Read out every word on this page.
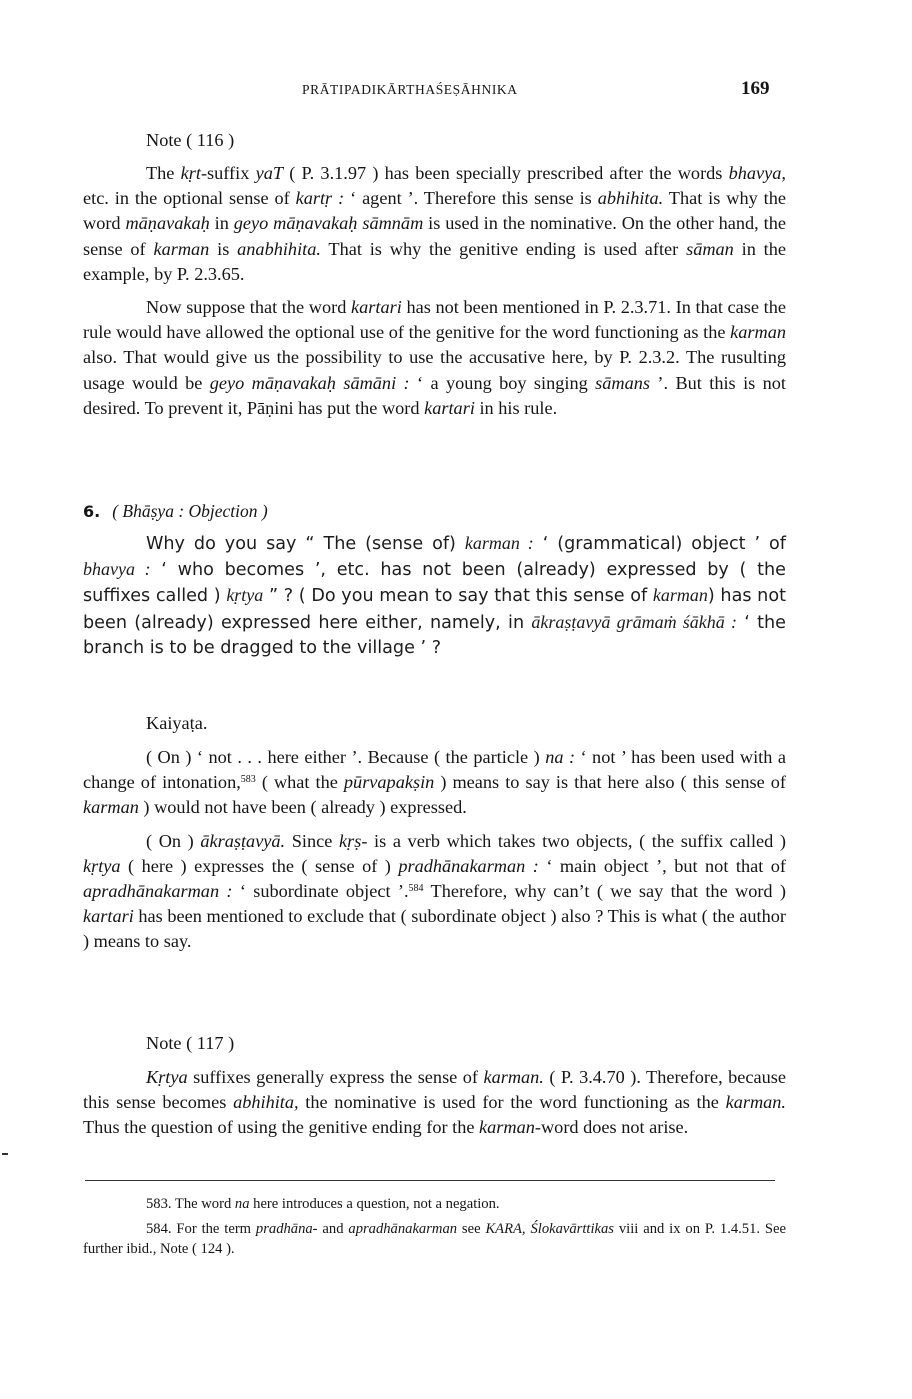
PRĀTIPADIKĀRTHAŚEṢĀHNIKA	169
Note ( 116 )

The kṛt-suffix yaT ( P. 3.1.97 ) has been specially prescribed after the words bhavya, etc. in the optional sense of kartṛ : ‘ agent ’. Therefore this sense is abhihita. That is why the word māṇavakaḥ in geyo māṇavakaḥ sāmnām is used in the nominative. On the other hand, the sense of karman is anabhihita. That is why the genitive ending is used after sāman in the example, by P. 2.3.65.

Now suppose that the word kartari has not been mentioned in P. 2.3.71. In that case the rule would have allowed the optional use of the genitive for the word functioning as the karman also. That would give us the possibility to use the accusative here, by P. 2.3.2. The rusulting usage would be geyo māṇavakaḥ sāmāni : ‘ a young boy singing sāmans ’. But this is not desired. To prevent it, Pāṇini has put the word kartari in his rule.

6. ( Bhāṣya : Objection )

Why do you say “ The (sense of) karman : ‘ (grammatical) object ’ of bhavya : ‘ who becomes ’, etc. has not been (already) expressed by ( the suffixes called ) kṛtya ” ? ( Do you mean to say that this sense of karman) has not been (already) expressed here either, namely, in ākraṣṭavyā grāmaṁ śākhā : ‘ the branch is to be dragged to the village ’ ?

Kaiyaṭa.

( On ) ‘ not . . . here either ’. Because ( the particle ) na : ‘ not ’ has been used with a change of intonation,$^{583}$ ( what the pūrvapakṣin ) means to say is that here also ( this sense of karman ) would not have been ( already ) expressed.

( On ) ākraṣṭavyā. Since kṛṣ- is a verb which takes two objects, ( the suffix called ) kṛtya ( here ) expresses the ( sense of ) pradhānakarman : ‘ main object ’, but not that of apradhānakarman : ‘ subordinate object ’.$^{584}$ Therefore, why can’t ( we say that the word ) kartari has been mentioned to exclude that ( subordinate object ) also ? This is what ( the author ) means to say.

Note ( 117 )

Kṛtya suffixes generally express the sense of karman. ( P. 3.4.70 ). Therefore, because this sense becomes abhihita, the nominative is used for the word functioning as the karman. Thus the question of using the genitive ending for the karman-word does not arise.

583. The word na here introduces a question, not a negation.

584. For the term pradhāna- and apradhānakarman see KARA, Ślokavārttikas viii and ix on P. 1.4.51. See further ibid., Note ( 124 ).
